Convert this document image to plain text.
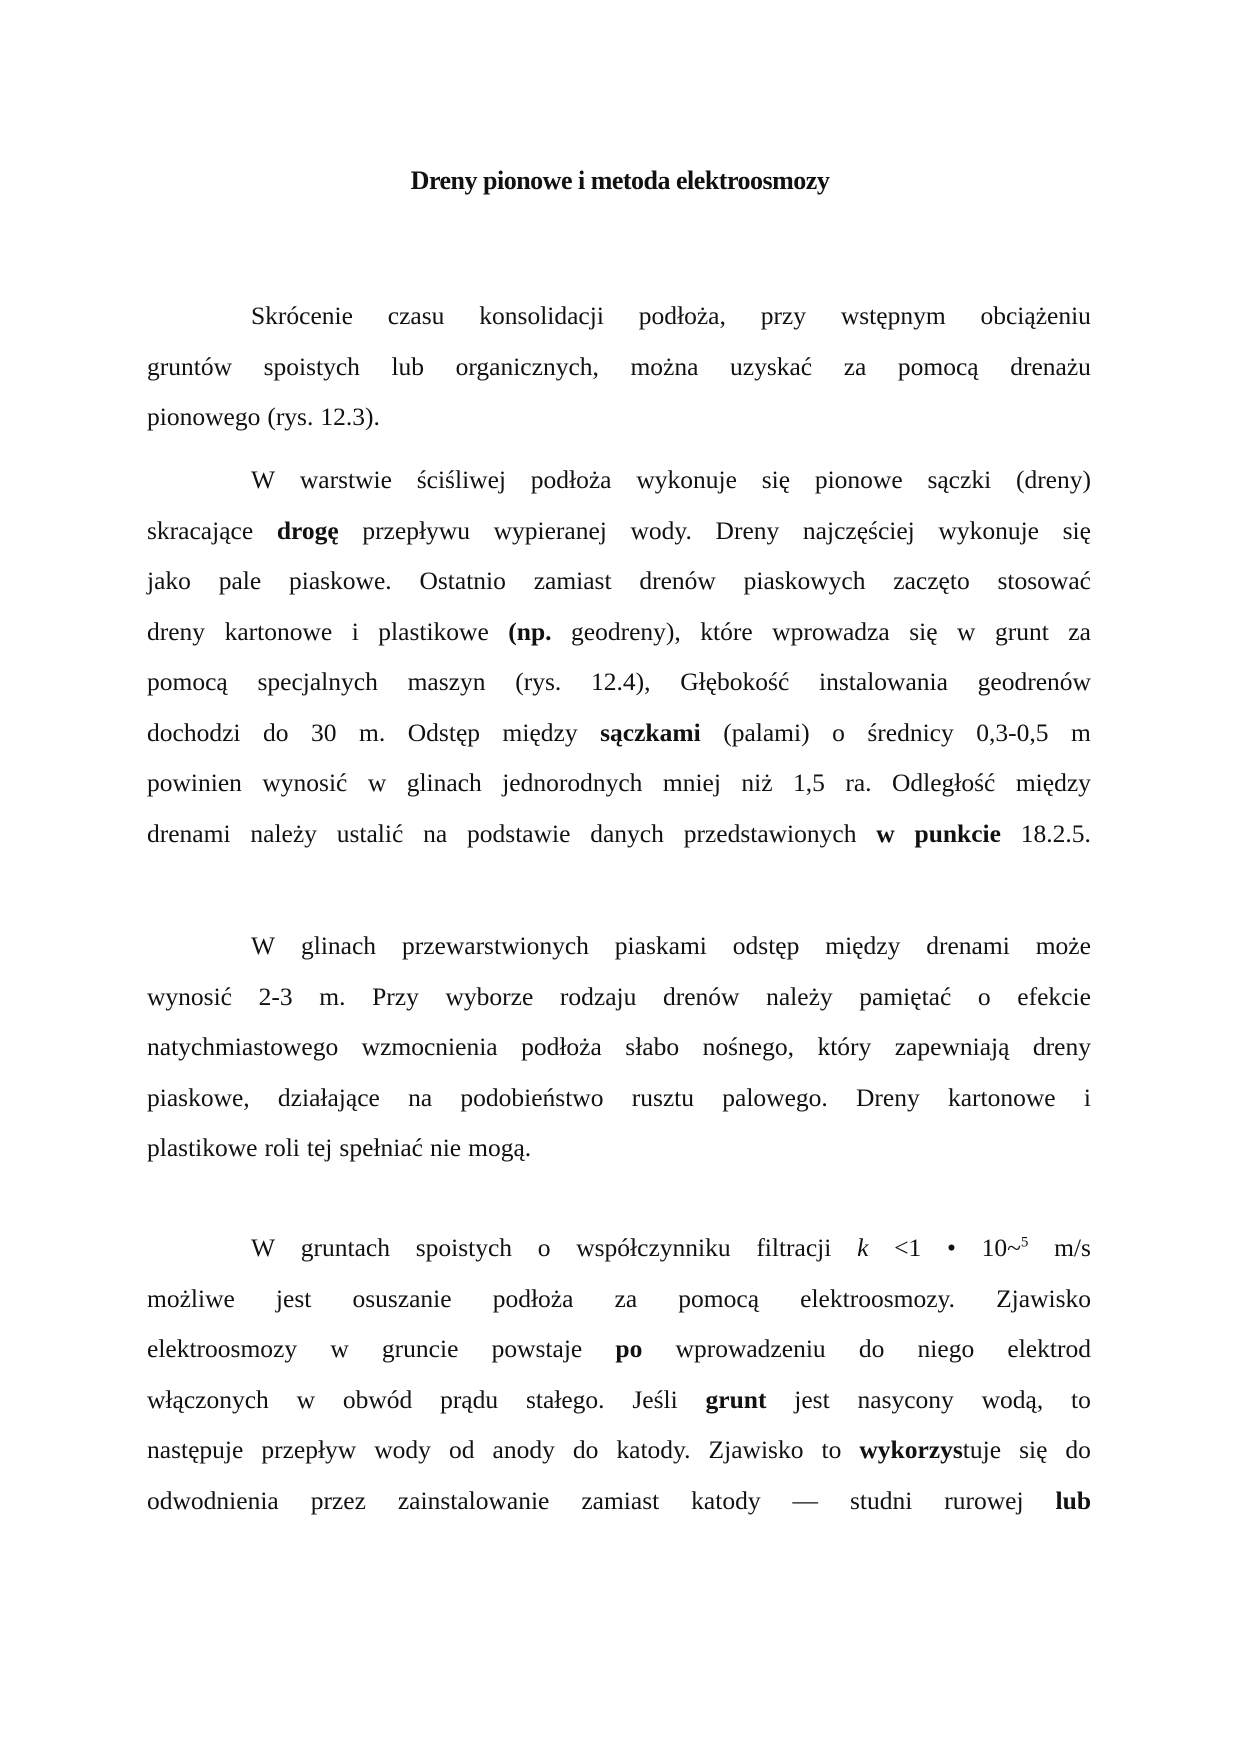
Dreny pionowe i metoda elektroosmozy
Skrócenie czasu konsolidacji podłoża, przy wstępnym obciążeniu
gruntów spoistych lub organicznych, można uzyskać za pomocą drenażu
pionowego (rys. 12.3).
W warstwie ściśliwej podłoża wykonuje się pionowe sączki (dreny)
skracające drogę przepływu wypieranej wody. Dreny najczęściej wykonuje się
jako pale piaskowe. Ostatnio zamiast drenów piaskowych zaczęto stosować
dreny kartonowe i plastikowe (np. geodreny), które wprowadza się w grunt za
pomocą specjalnych maszyn (rys. 12.4), Głębokość instalowania geodrenów
dochodzi do 30 m. Odstęp między sączkami (palami) o średnicy 0,3-0,5 m
powinien wynosić w glinach jednorodnych mniej niż 1,5 ra. Odległość między
drenami należy ustalić na podstawie danych przedstawionych w punkcie 18.2.5.
W glinach przewarstwionych piaskami odstęp między drenami może
wynosić 2-3 m. Przy wyborze rodzaju drenów należy pamiętać o efekcie
natychmiastowego wzmocnienia podłoża słabo nośnego, który zapewniają dreny
piaskowe, działające na podobieństwo rusztu palowego. Dreny kartonowe i
plastikowe roli tej spełniać nie mogą.
W gruntach spoistych o współczynniku filtracji k <1 • 10~$^5$ m/s
możliwe jest osuszanie podłoża za pomocą elektroosmozy. Zjawisko
elektroosmozy w gruncie powstaje po wprowadzeniu do niego elektrod
włączonych w obwód prądu stałego. Jeśli grunt jest nasycony wodą, to
następuje przepływ wody od anody do katody. Zjawisko to wykorzystuje się do
odwodnienia przez zainstalowanie zamiast katody — studni rurowej lub
